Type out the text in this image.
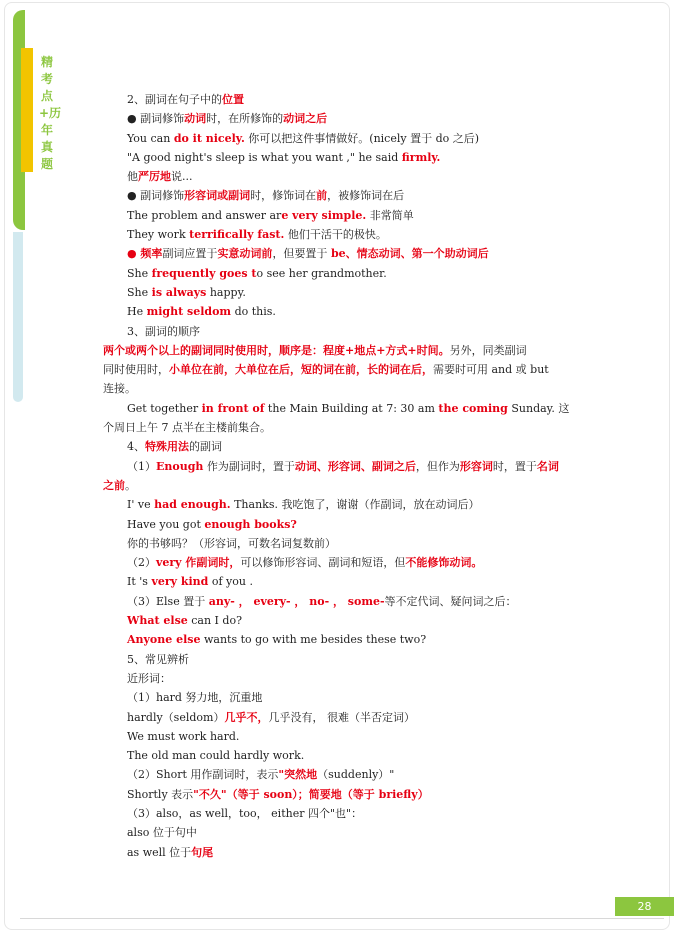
精考点+历年真题

2、副词在句子中的位置

● 副词修饰动词时，在所修饰的动词之后

You can do it nicely. 你可以把这件事情做好。(nicely 置于 do 之后)

"A good night's sleep is what you want ," he said firmly.

他严厉地说...

● 副词修饰形容词或副词时，修饰词在前，被修饰词在后

The problem and answer are very simple. 非常简单

They work terrifically fast. 他们干活干的极快。

● 频率副词应置于实意动词前，但要置于 be、情态动词、第一个助动词后

She frequently goes to see her grandmother.

She is always happy.

He might seldom do this.

3、副词的顺序

两个或两个以上的副词同时使用时，顺序是：程度+地点+方式+时间。另外，同类副词

同时使用时，小单位在前，大单位在后，短的词在前，长的词在后，需要时可用 and 或 but

连接。

Get together in front of the Main Building at 7: 30 am the coming Sunday. 这

个周日上午 7 点半在主楼前集合。

4、特殊用法的副词

（1）Enough 作为副词时，置于动词、形容词、副词之后，但作为形容词时，置于名词

之前。

I' ve had enough. Thanks. 我吃饱了，谢谢（作副词，放在动词后）

Have you got enough books?

你的书够吗？（形容词，可数名词复数前）

（2）very 作副词时，可以修饰形容词、副词和短语，但不能修饰动词。

It 's very kind of you .

（3）Else 置于 any- ， every- ， no- ， some-等不定代词、疑问词之后：

What else can I do?

Anyone else wants to go with me besides these two?

5、常见辨析

近形词：

（1）hard 努力地，沉重地

hardly（seldom）几乎不，几乎没有， 很难（半否定词）

We must work hard.

The old man could hardly work.

（2）Short 用作副词时，表示"突然地（suddenly）"

Shortly 表示"不久"（等于 soon）；简要地（等于 briefly）

（3）also，as well，too， either 四个"也"：

also 位于句中

as well 位于句尾

28
